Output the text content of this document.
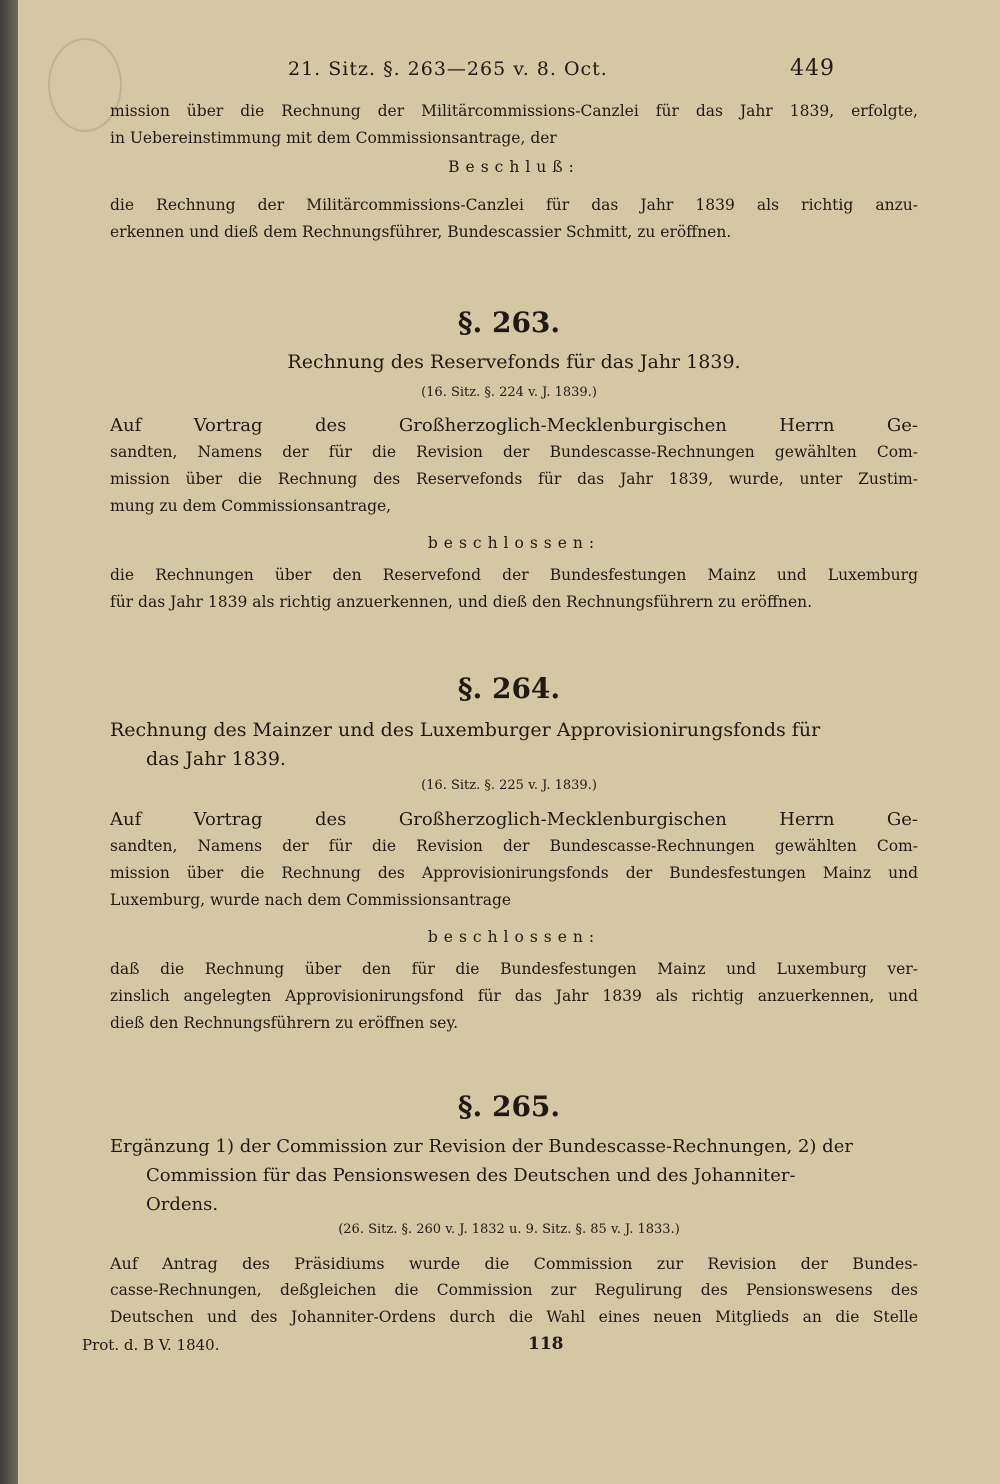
21. Sitz. §. 263—265 v. 8. Oct.	449
mission über die Rechnung der Militärcommissions-Canzlei für das Jahr 1839, erfolgte,
in Uebereinstimmung mit dem Commissionsantrage, der
Beschluß:
die Rechnung der Militärcommissions-Canzlei für das Jahr 1839 als richtig anzu-
erkennen und dieß dem Rechnungsführer, Bundescassier Schmitt, zu eröffnen.
§. 263.
Rechnung des Reservefonds für das Jahr 1839.
(16. Sitz. §. 224 v. J. 1839.)
Auf Vortrag des Großherzoglich-Mecklenburgischen Herrn Ge-
sandten, Namens der für die Revision der Bundescasse-Rechnungen gewählten Com-
mission über die Rechnung des Reservefonds für das Jahr 1839, wurde, unter Zustim-
mung zu dem Commissionsantrage,
beschlossen:
die Rechnungen über den Reservefond der Bundesfestungen Mainz und Luxemburg
für das Jahr 1839 als richtig anzuerkennen, und dieß den Rechnungsführern zu eröffnen.
§. 264.
Rechnung des Mainzer und des Luxemburger Approvisionirungsfonds für
das Jahr 1839.
(16. Sitz. §. 225 v. J. 1839.)
Auf Vortrag des Großherzoglich-Mecklenburgischen Herrn Ge-
sandten, Namens der für die Revision der Bundescasse-Rechnungen gewählten Com-
mission über die Rechnung des Approvisionirungsfonds der Bundesfestungen Mainz und
Luxemburg, wurde nach dem Commissionsantrage
beschlossen:
daß die Rechnung über den für die Bundesfestungen Mainz und Luxemburg ver-
zinslich angelegten Approvisionirungsfond für das Jahr 1839 als richtig anzuerkennen, und
dieß den Rechnungsführern zu eröffnen sey.
§. 265.
Ergänzung 1) der Commission zur Revision der Bundescasse-Rechnungen, 2) der
Commission für das Pensionswesen des Deutschen und des Johanniter-
Ordens.
(26. Sitz. §. 260 v. J. 1832 u. 9. Sitz. §. 85 v. J. 1833.)
Auf Antrag des Präsidiums wurde die Commission zur Revision der Bundes-
casse-Rechnungen, deßgleichen die Commission zur Regulirung des Pensionswesens des
Deutschen und des Johanniter-Ordens durch die Wahl eines neuen Mitglieds an die Stelle
Prot. d. B V. 1840.	118
